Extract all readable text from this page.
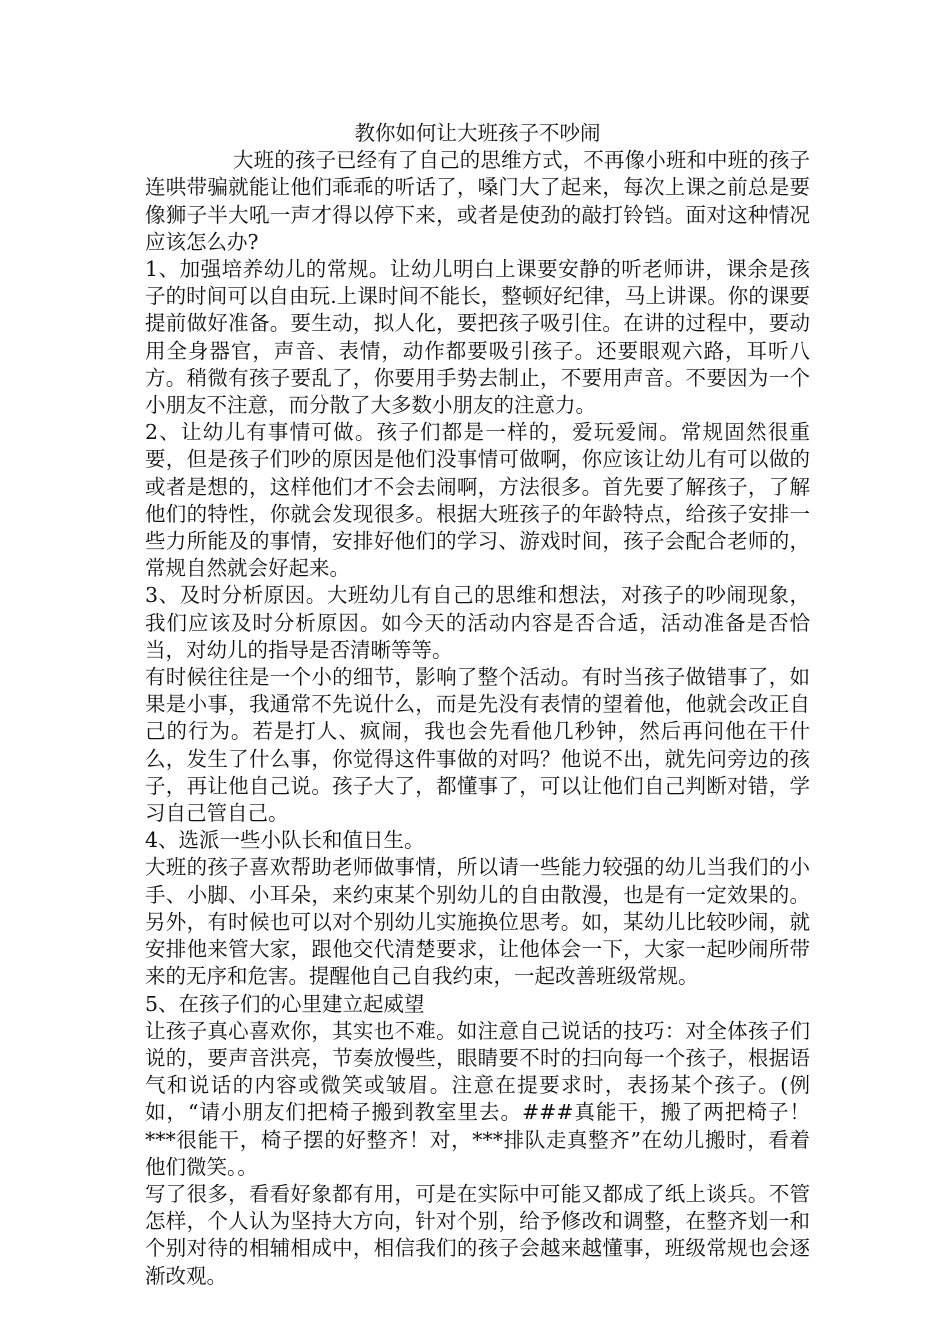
教你如何让大班孩子不吵闹

大班的孩子已经有了自己的思维方式，不再像小班和中班的孩子连哄带骗就能让他们乖乖的听话了，嗓门大了起来，每次上课之前总是要像狮子半大吼一声才得以停下来，或者是使劲的敲打铃铛。面对这种情况应该怎么办?

1、加强培养幼儿的常规。让幼儿明白上课要安静的听老师讲，课余是孩子的时间可以自由玩.上课时间不能长，整顿好纪律，马上讲课。你的课要提前做好准备。要生动，拟人化，要把孩子吸引住。在讲的过程中，要动用全身器官，声音、表情，动作都要吸引孩子。还要眼观六路，耳听八方。稍微有孩子要乱了，你要用手势去制止，不要用声音。不要因为一个小朋友不注意，而分散了大多数小朋友的注意力。

2、让幼儿有事情可做。孩子们都是一样的，爱玩爱闹。常规固然很重要，但是孩子们吵的原因是他们没事情可做啊，你应该让幼儿有可以做的或者是想的，这样他们才不会去闹啊，方法很多。首先要了解孩子，了解他们的特性，你就会发现很多。根据大班孩子的年龄特点，给孩子安排一些力所能及的事情，安排好他们的学习、游戏时间，孩子会配合老师的，常规自然就会好起来。

3、及时分析原因。大班幼儿有自己的思维和想法，对孩子的吵闹现象，我们应该及时分析原因。如今天的活动内容是否合适，活动准备是否恰当，对幼儿的指导是否清晰等等。

有时候往往是一个小的细节，影响了整个活动。有时当孩子做错事了，如果是小事，我通常不先说什么，而是先没有表情的望着他，他就会改正自己的行为。若是打人、疯闹，我也会先看他几秒钟，然后再问他在干什么，发生了什么事，你觉得这件事做的对吗？他说不出，就先问旁边的孩子，再让他自己说。孩子大了，都懂事了，可以让他们自己判断对错，学习自己管自己。

4、选派一些小队长和值日生。

大班的孩子喜欢帮助老师做事情，所以请一些能力较强的幼儿当我们的小手、小脚、小耳朵，来约束某个别幼儿的自由散漫，也是有一定效果的。另外，有时候也可以对个别幼儿实施换位思考。如，某幼儿比较吵闹，就安排他来管大家，跟他交代清楚要求，让他体会一下，大家一起吵闹所带来的无序和危害。提醒他自己自我约束，一起改善班级常规。

5、在孩子们的心里建立起威望

让孩子真心喜欢你，其实也不难。如注意自己说话的技巧：对全体孩子们说的，要声音洪亮，节奏放慢些，眼睛要不时的扫向每一个孩子，根据语气和说话的内容或微笑或皱眉。注意在提要求时，表扬某个孩子。(例如，“请小朋友们把椅子搬到教室里去。###真能干，搬了两把椅子！***很能干，椅子摆的好整齐！对，***排队走真整齐”在幼儿搬时，看着他们微笑。。

写了很多，看看好象都有用，可是在实际中可能又都成了纸上谈兵。不管怎样，个人认为坚持大方向，针对个别，给予修改和调整，在整齐划一和个别对待的相辅相成中，相信我们的孩子会越来越懂事，班级常规也会逐渐改观。
